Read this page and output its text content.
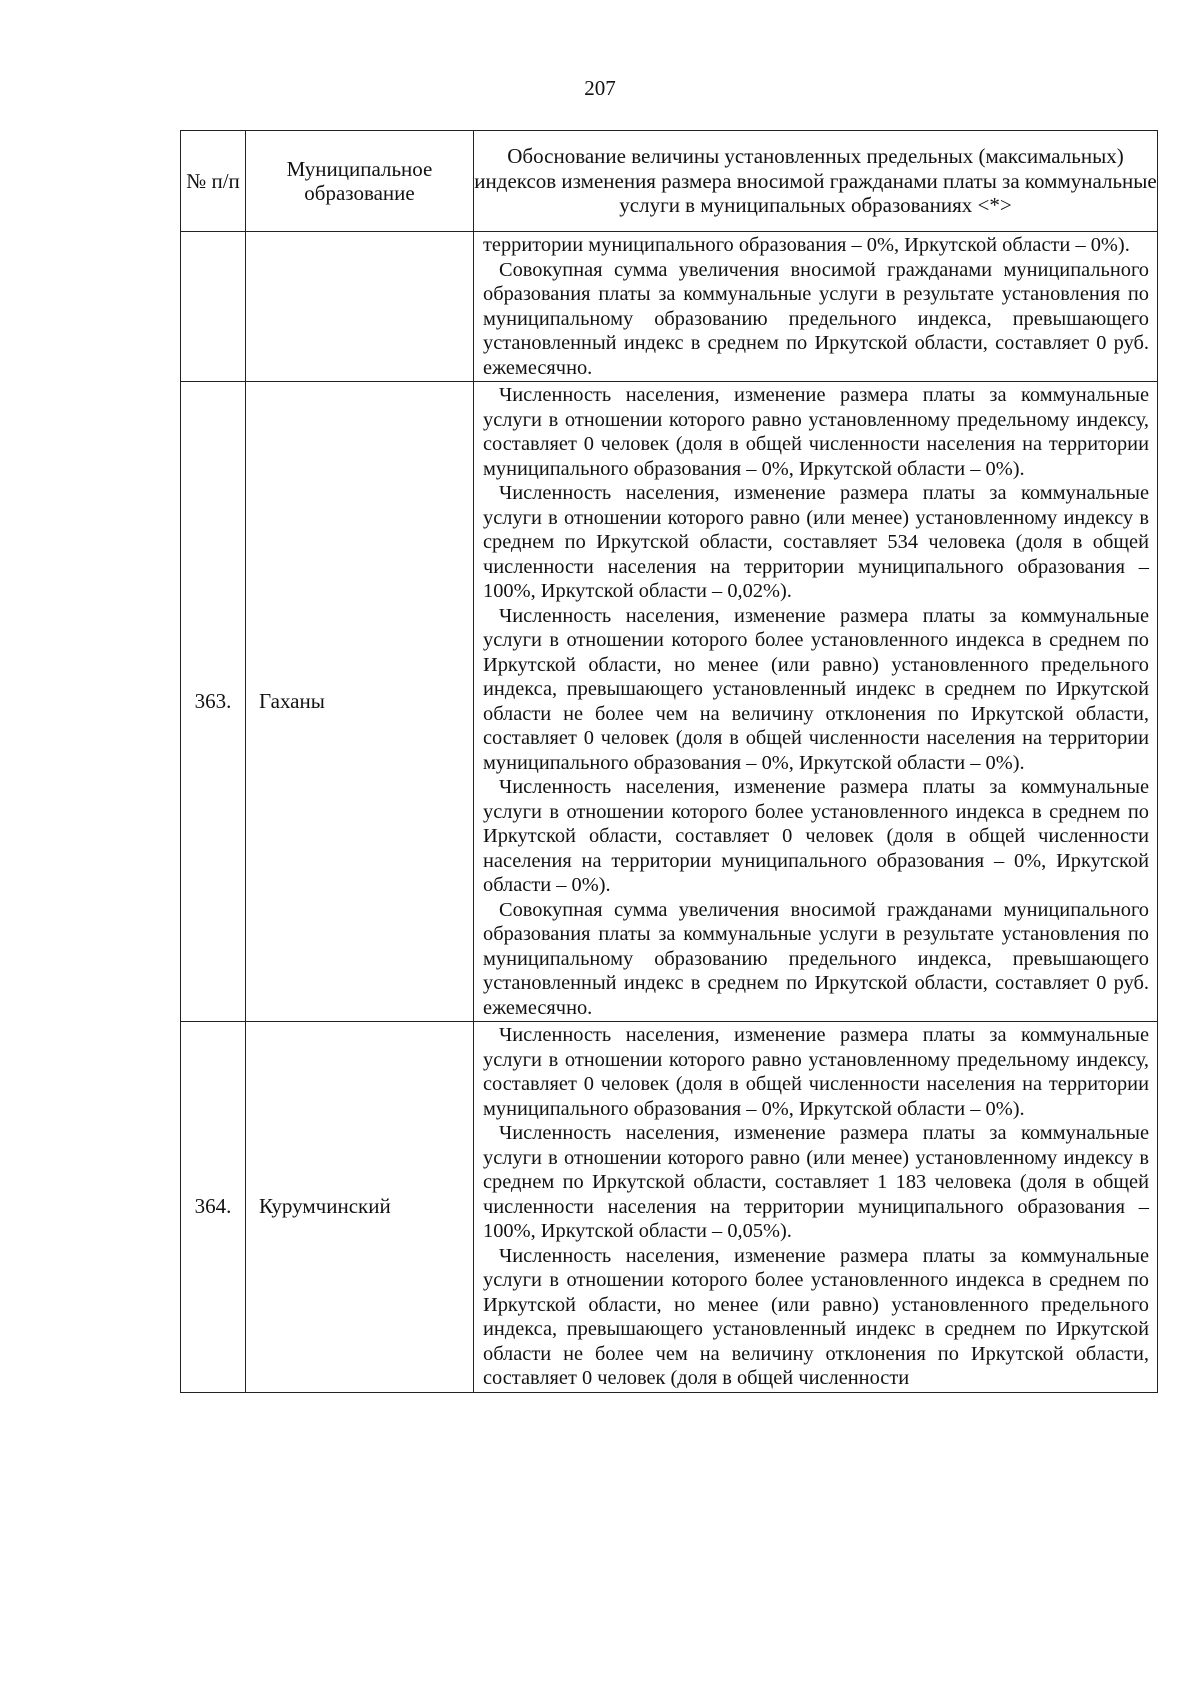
207
№ п/п	Муниципальное образование	Обоснование величины установленных предельных (максимальных) индексов изменения размера вносимой гражданами платы за коммунальные услуги в муниципальных образованиях <*>

		территории муниципального образования – 0%, Иркутской области – 0%).

Совокупная сумма увеличения вносимой гражданами муниципального образования платы за коммунальные услуги в результате установления по муниципальному образованию предельного индекса, превышающего установленный индекс в среднем по Иркутской области, составляет 0 руб. ежемесячно.

363.	Гаханы	Численность населения, изменение размера платы за коммунальные услуги в отношении которого равно установленному предельному индексу, составляет 0 человек (доля в общей численности населения на территории муниципального образования – 0%, Иркутской области – 0%).

Численность населения, изменение размера платы за коммунальные услуги в отношении которого равно (или менее) установленному индексу в среднем по Иркутской области, составляет 534 человека (доля в общей численности населения на территории муниципального образования – 100%, Иркутской области – 0,02%).

Численность населения, изменение размера платы за коммунальные услуги в отношении которого более установленного индекса в среднем по Иркутской области, но менее (или равно) установленного предельного индекса, превышающего установленный индекс в среднем по Иркутской области не более чем на величину отклонения по Иркутской области, составляет 0 человек (доля в общей численности населения на территории муниципального образования – 0%, Иркутской области – 0%).

Численность населения, изменение размера платы за коммунальные услуги в отношении которого более установленного индекса в среднем по Иркутской области, составляет 0 человек (доля в общей численности населения на территории муниципального образования – 0%, Иркутской области – 0%).

Совокупная сумма увеличения вносимой гражданами муниципального образования платы за коммунальные услуги в результате установления по муниципальному образованию предельного индекса, превышающего установленный индекс в среднем по Иркутской области, составляет 0 руб. ежемесячно.

364.	Курумчинский	Численность населения, изменение размера платы за коммунальные услуги в отношении которого равно установленному предельному индексу, составляет 0 человек (доля в общей численности населения на территории муниципального образования – 0%, Иркутской области – 0%).

Численность населения, изменение размера платы за коммунальные услуги в отношении которого равно (или менее) установленному индексу в среднем по Иркутской области, составляет 1 183 человека (доля в общей численности населения на территории муниципального образования – 100%, Иркутской области – 0,05%).

Численность населения, изменение размера платы за коммунальные услуги в отношении которого более установленного индекса в среднем по Иркутской области, но менее (или равно) установленного предельного индекса, превышающего установленный индекс в среднем по Иркутской области не более чем на величину отклонения по Иркутской области, составляет 0 человек (доля в общей численности
